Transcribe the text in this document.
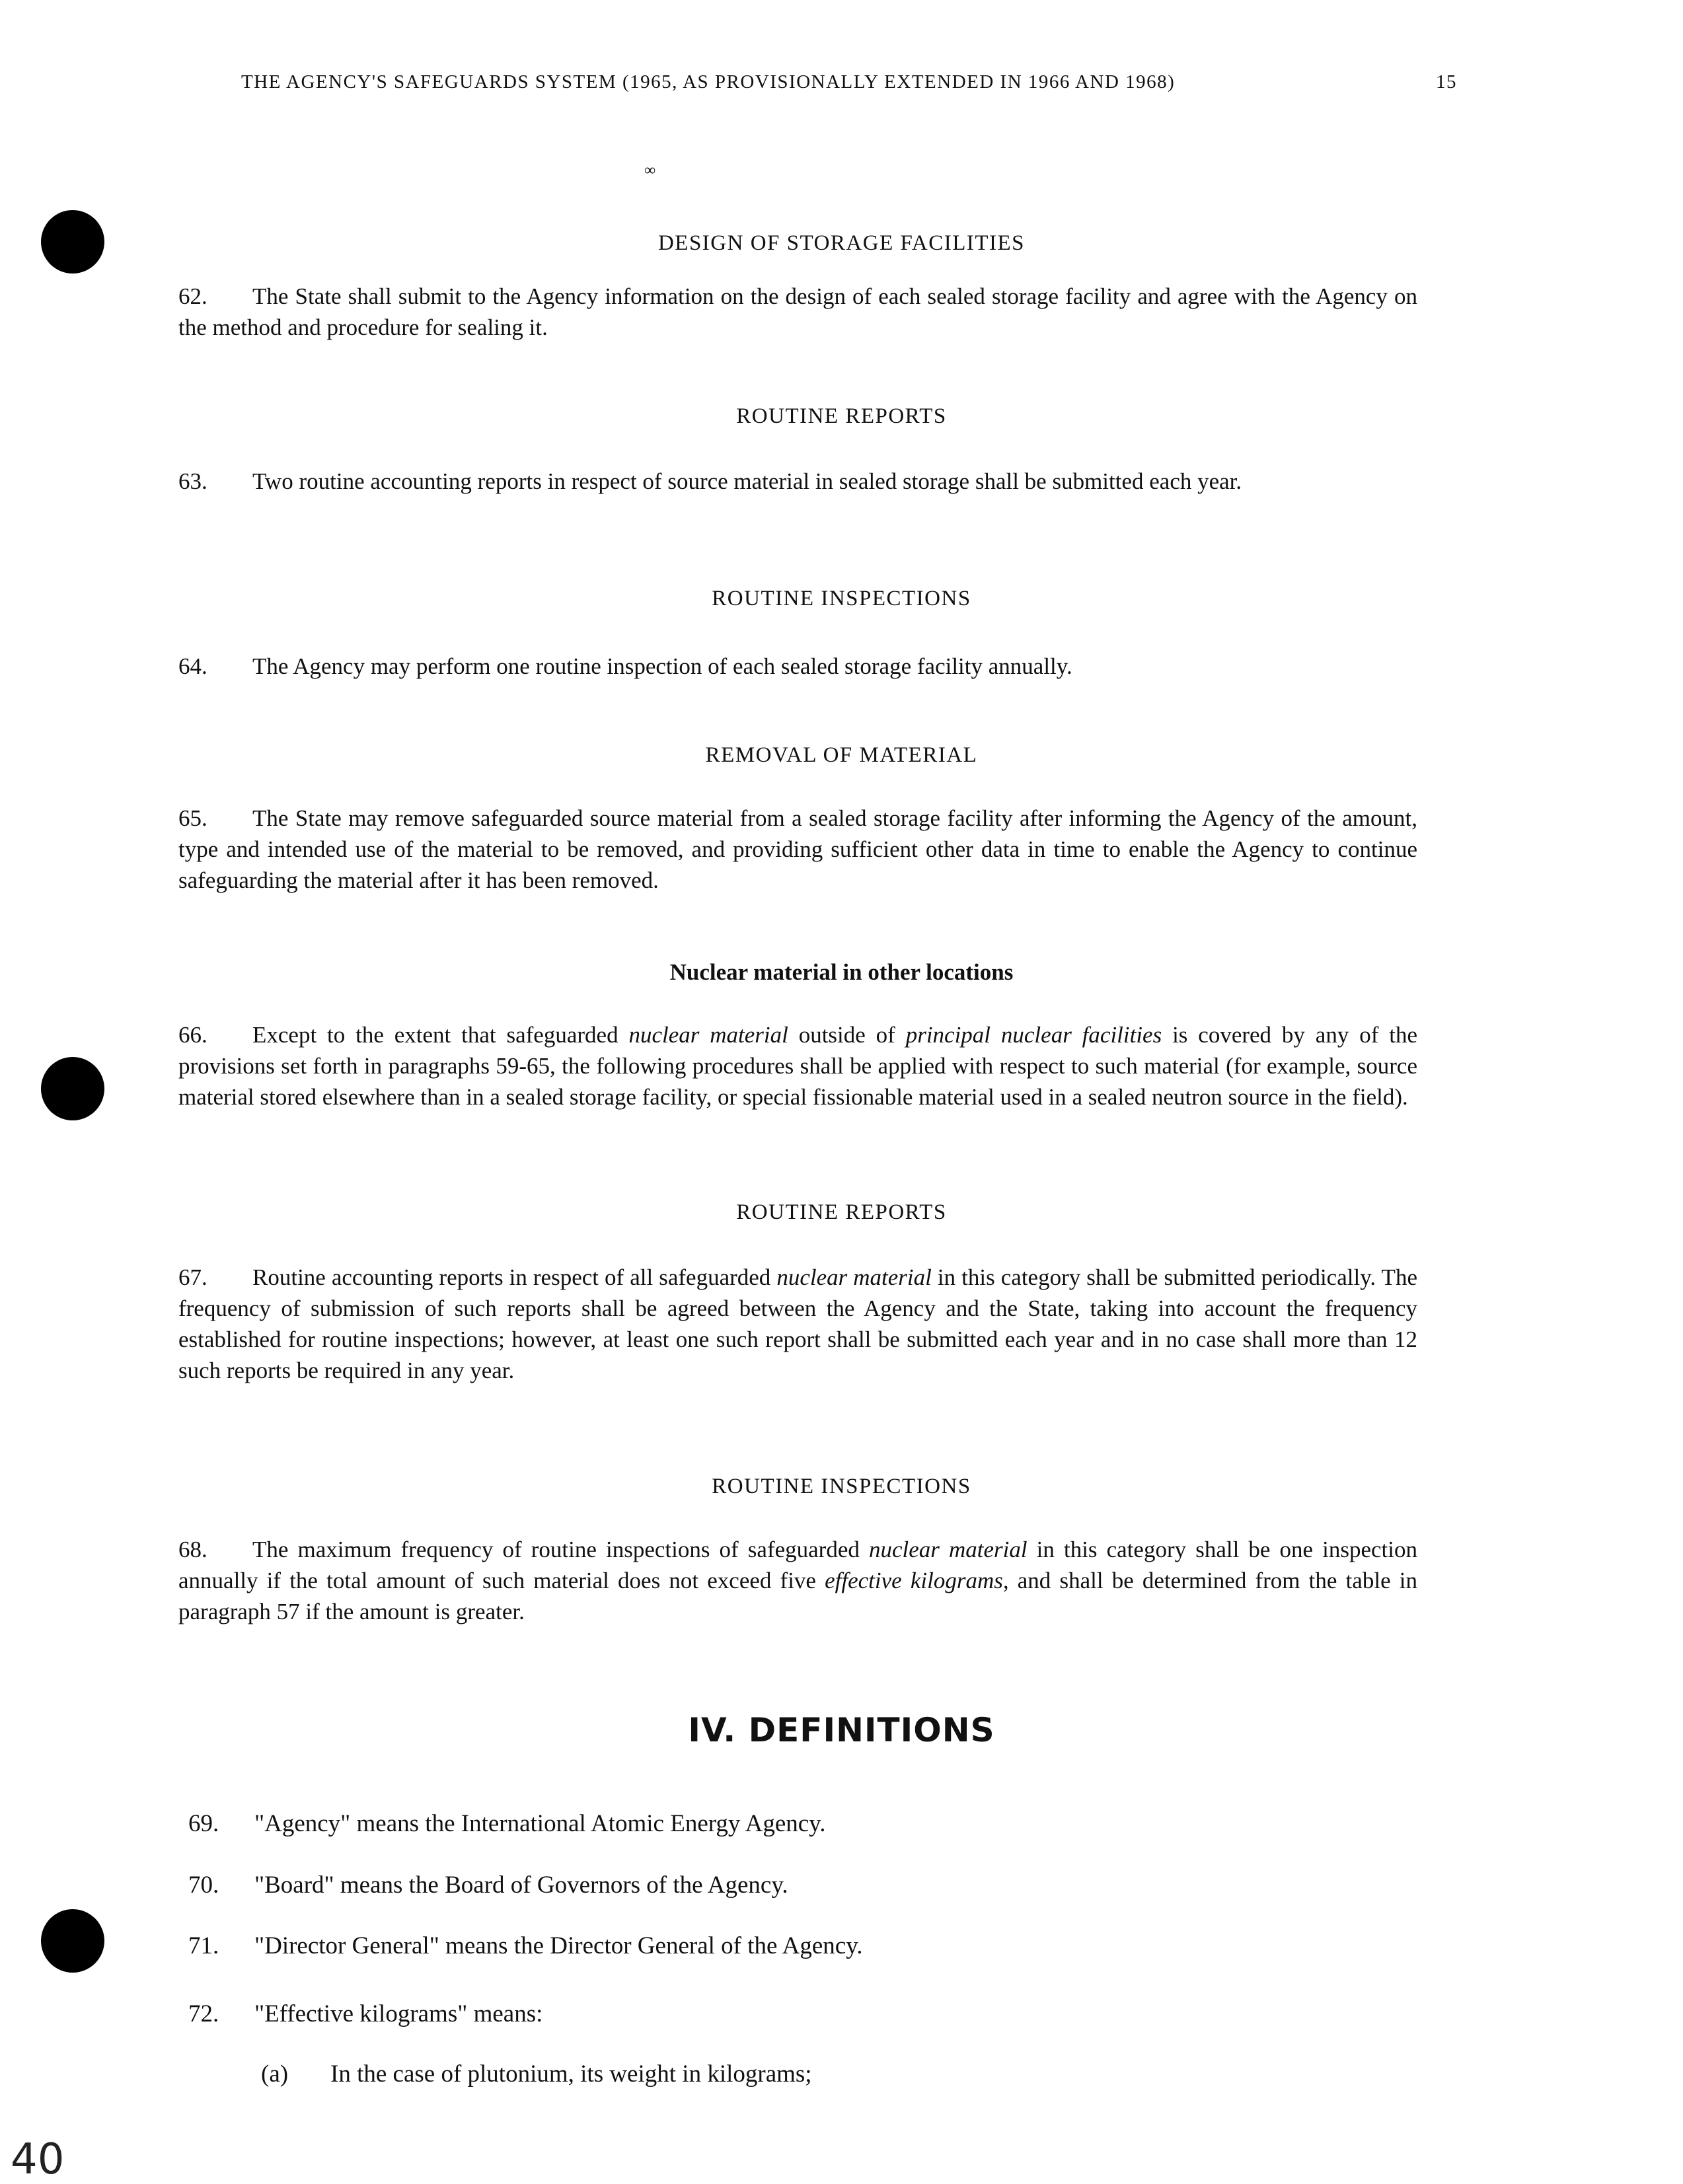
THE AGENCY'S SAFEGUARDS SYSTEM (1965, AS PROVISIONALLY EXTENDED IN 1966 AND 1968)	15
∞
DESIGN OF STORAGE FACILITIES

62. The State shall submit to the Agency information on the design of each sealed storage facility and agree with the Agency on the method and procedure for sealing it.

ROUTINE REPORTS

63. Two routine accounting reports in respect of source material in sealed storage shall be submitted each year.

ROUTINE INSPECTIONS

64. The Agency may perform one routine inspection of each sealed storage facility annually.

REMOVAL OF MATERIAL

65. The State may remove safeguarded source material from a sealed storage facility after informing the Agency of the amount, type and intended use of the material to be removed, and providing sufficient other data in time to enable the Agency to continue safeguarding the material after it has been removed.

Nuclear material in other locations

66. Except to the extent that safeguarded nuclear material outside of principal nuclear facilities is covered by any of the provisions set forth in paragraphs 59-65, the following procedures shall be applied with respect to such material (for example, source material stored elsewhere than in a sealed storage facility, or special fissionable material used in a sealed neutron source in the field).

ROUTINE REPORTS

67. Routine accounting reports in respect of all safeguarded nuclear material in this category shall be submitted periodically. The frequency of submission of such reports shall be agreed between the Agency and the State, taking into account the frequency established for routine inspections; however, at least one such report shall be submitted each year and in no case shall more than 12 such reports be required in any year.

ROUTINE INSPECTIONS

68. The maximum frequency of routine inspections of safeguarded nuclear material in this category shall be one inspection annually if the total amount of such material does not exceed five effective kilograms, and shall be determined from the table in paragraph 57 if the amount is greater.

IV. DEFINITIONS
69. "Agency" means the International Atomic Energy Agency.
70. "Board" means the Board of Governors of the Agency.
71. "Director General" means the Director General of the Agency.
72. "Effective kilograms" means:
(a) In the case of plutonium, its weight in kilograms;
40
